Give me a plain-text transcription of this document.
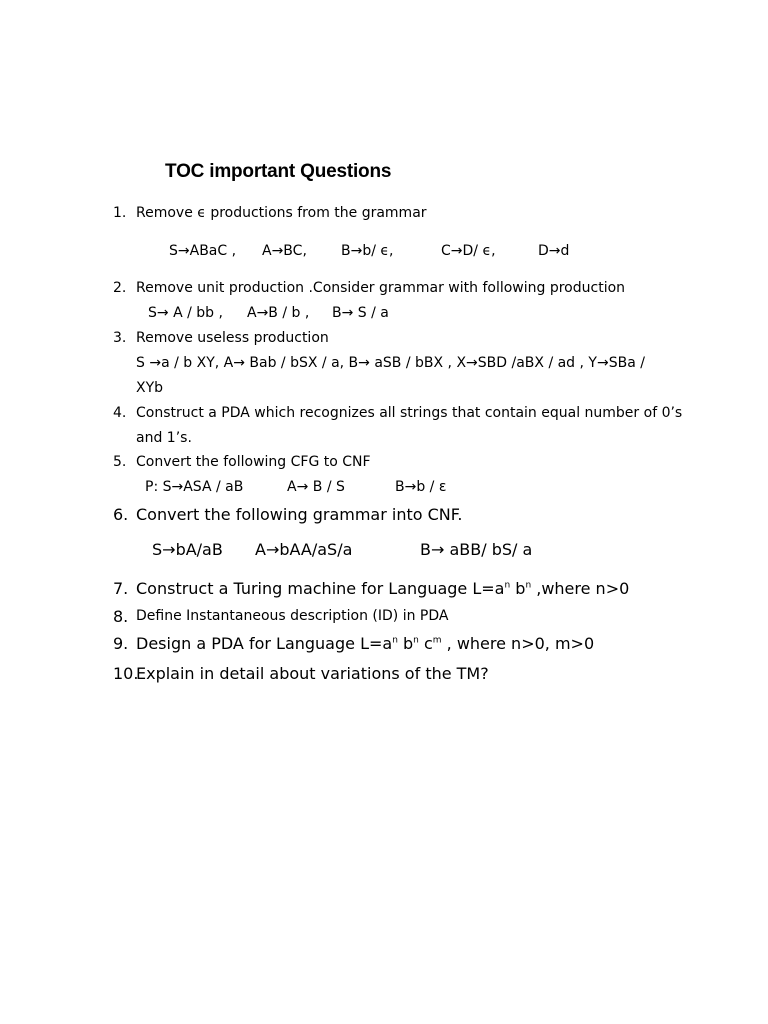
TOC important Questions
1. Remove ϵ productions from the grammar
S→ABaC , A→BC, B→b/ ϵ,	C→D/ ϵ,	D→d
2. Remove unit production .Consider grammar with following production
S→ A / bb , A→B / b , B→ S / a
3. Remove useless production
S →a / b XY, A→ Bab / bSX / a, B→ aSB / bBX , X→SBD /aBX / ad , Y→SBa /
XYb
4. Construct a PDA which recognizes all strings that contain equal number of 0’s
and 1’s.
5. Convert the following CFG to CNF
P: S→ASA / aB	A→ B / S	B→b / ε
6. Convert the following grammar into CNF.
S→bA/aB A→bAA/aS/a	B→ aBB/ bS/ a
7. Construct a Turing machine for Language $L=a^n$ $b^n$ ,where n>0
8. Define Instantaneous description (ID) in PDA
9. Design a PDA for Language $L=a^n$ $b^n$ $c^m$ , where n>0, m>0
10.
Explain in detail about variations of the TM?
